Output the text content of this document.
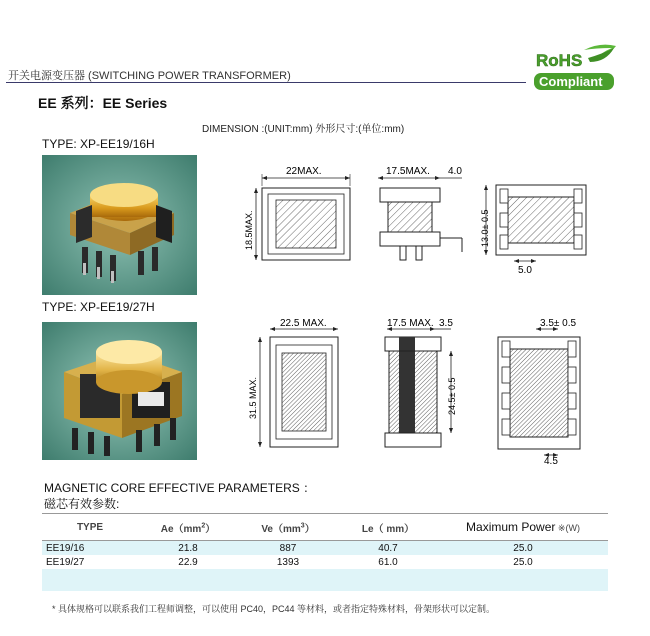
开关电源变压器 (SWITCHING POWER TRANSFORMER)
RoHS
Compliant
EE 系列：EE Series
DIMENSION :(UNIT:mm) 外形尺寸:(单位:mm)
TYPE: XP-EE19/16H
22MAX.
18.5MAX.
17.5MAX. 4.0
13.0± 0.5
5.0
TYPE: XP-EE19/27H
22.5 MAX.
31.5 MAX.
17.5 MAX. 3.5
24.5± 0.5
3.5± 0.5
4.5
MAGNETIC CORE EFFECTIVE PARAMETERS ：
磁芯有效参数:
TYPE	$Ae(mm^2)$	$Ve(mm^3)$	Le（ mm）	Maximum Power ※(W)
EE19/16	21.8	887	40.7	25.0
EE19/27	22.9	1393	61.0	25.0

* 具体规格可以联系我们工程师调整，可以使用 PC40，PC44 等材料，或者指定特殊材料，骨架形状可以定制。
